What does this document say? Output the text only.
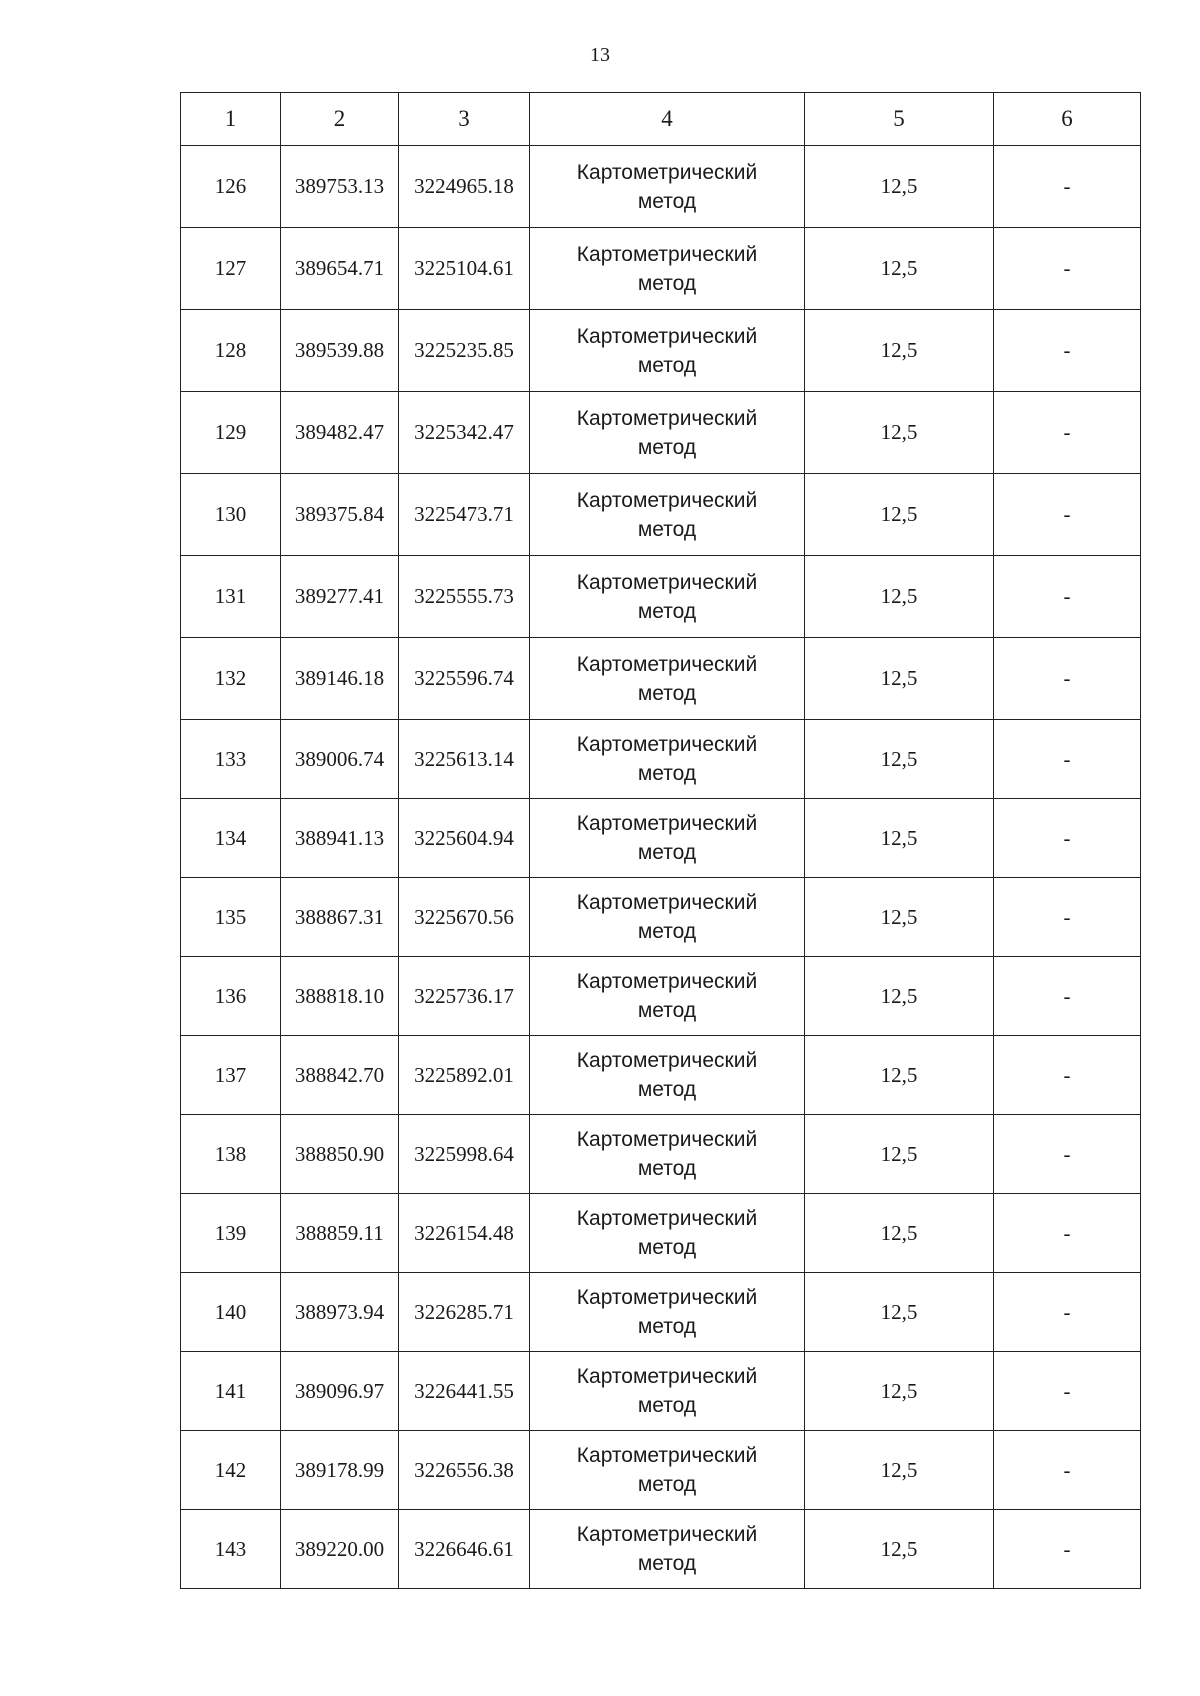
13
1	2	3	4	5	6
126	389753.13	3224965.18	Картометрический
метод	12,5	-
127	389654.71	3225104.61	Картометрический
метод	12,5	-
128	389539.88	3225235.85	Картометрический
метод	12,5	-
129	389482.47	3225342.47	Картометрический
метод	12,5	-
130	389375.84	3225473.71	Картометрический
метод	12,5	-
131	389277.41	3225555.73	Картометрический
метод	12,5	-
132	389146.18	3225596.74	Картометрический
метод	12,5	-
133	389006.74	3225613.14	Картометрический
метод	12,5	-
134	388941.13	3225604.94	Картометрический
метод	12,5	-
135	388867.31	3225670.56	Картометрический
метод	12,5	-
136	388818.10	3225736.17	Картометрический
метод	12,5	-
137	388842.70	3225892.01	Картометрический
метод	12,5	-
138	388850.90	3225998.64	Картометрический
метод	12,5	-
139	388859.11	3226154.48	Картометрический
метод	12,5	-
140	388973.94	3226285.71	Картометрический
метод	12,5	-
141	389096.97	3226441.55	Картометрический
метод	12,5	-
142	389178.99	3226556.38	Картометрический
метод	12,5	-
143	389220.00	3226646.61	Картометрический
метод	12,5	-
